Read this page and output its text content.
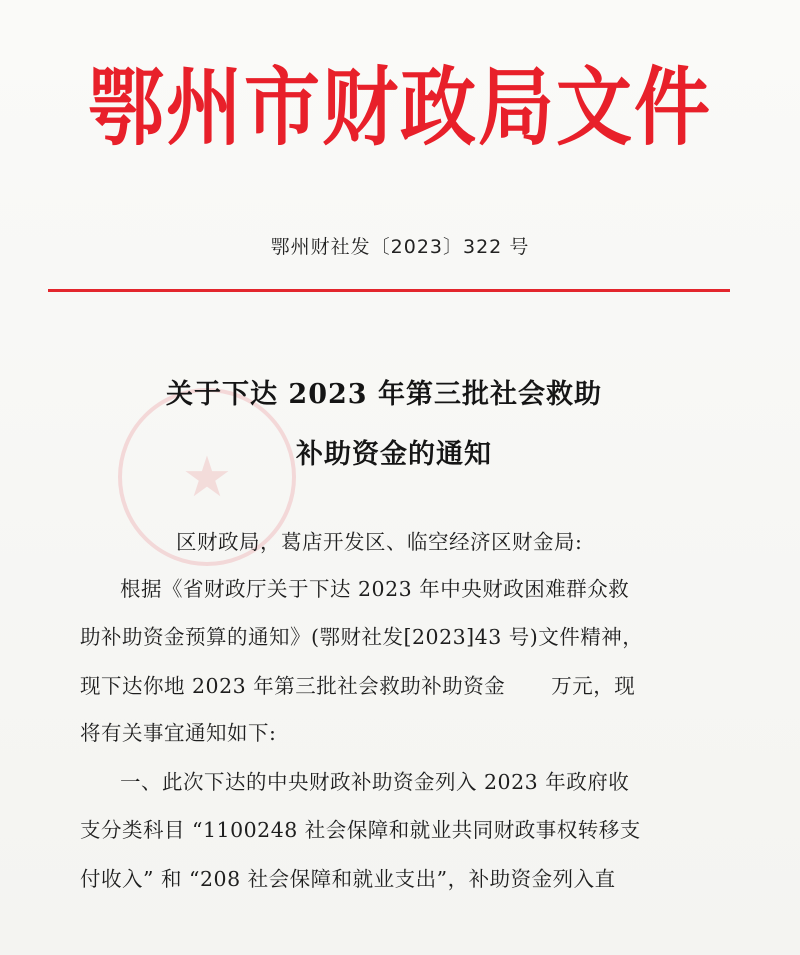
鄂州市财政局文件
鄂州财社发〔2023〕322 号
★
关于下达 2023 年第三批社会救助
补助资金的通知
区财政局，葛店开发区、临空经济区财金局:
根据《省财政厅关于下达 2023 年中央财政困难群众救
助补助资金预算的通知》(鄂财社发[2023]43 号)文件精神，
现下达你地 2023 年第三批社会救助补助资金 万元，现
将有关事宜通知如下:
一、此次下达的中央财政补助资金列入 2023 年政府收
支分类科目 “1100248 社会保障和就业共同财政事权转移支
付收入” 和 “208 社会保障和就业支出”，补助资金列入直
